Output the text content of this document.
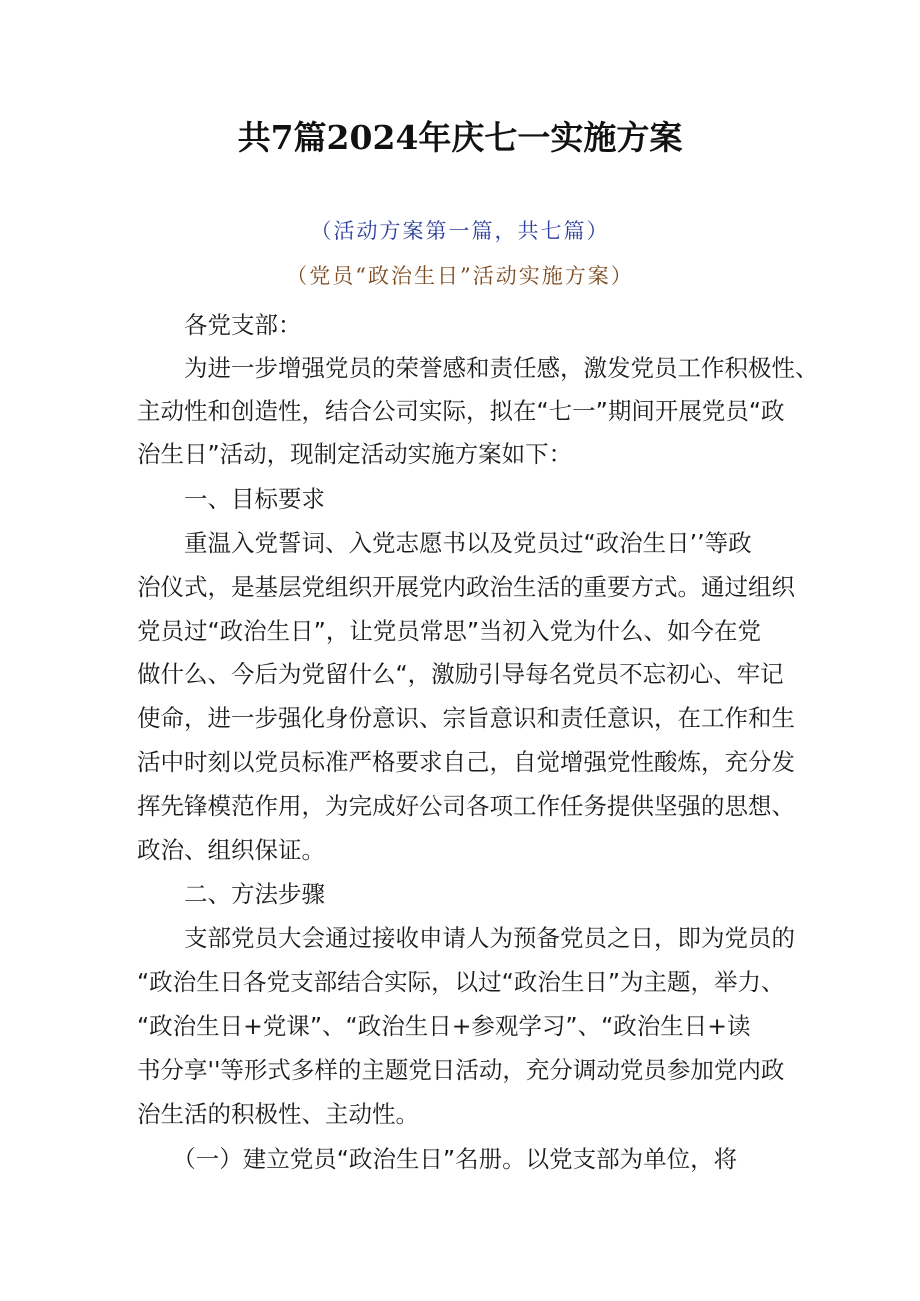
共7篇2024年庆七一实施方案
（活动方案第一篇，共七篇）
（党员“政治生日”活动实施方案）
　　各党支部：
　　为进一步增强党员的荣誉感和责任感，激发党员工作积极性、
主动性和创造性，结合公司实际，拟在“七一”期间开展党员“政
治生日”活动，现制定活动实施方案如下：
　　一、目标要求
　　重温入党誓词、入党志愿书以及党员过“政治生日’’等政
治仪式，是基层党组织开展党内政治生活的重要方式。通过组织
党员过“政治生日”，让党员常思”当初入党为什么、如今在党
做什么、今后为党留什么“，激励引导每名党员不忘初心、牢记
使命，进一步强化身份意识、宗旨意识和责任意识，在工作和生
活中时刻以党员标准严格要求自己，自觉增强党性酸炼，充分发
挥先锋模范作用，为完成好公司各项工作任务提供坚强的思想、
政治、组织保证。
　　二、方法步骤
　　支部党员大会通过接收申请人为预备党员之日，即为党员的
“政治生日各党支部结合实际，以过“政治生日”为主题，举力、
“政治生日+党课”、“政治生日+参观学习”、“政治生日+读
书分享''等形式多样的主题党日活动，充分调动党员参加党内政
治生活的积极性、主动性。
　　（一）建立党员“政治生日”名册。以党支部为单位，将
